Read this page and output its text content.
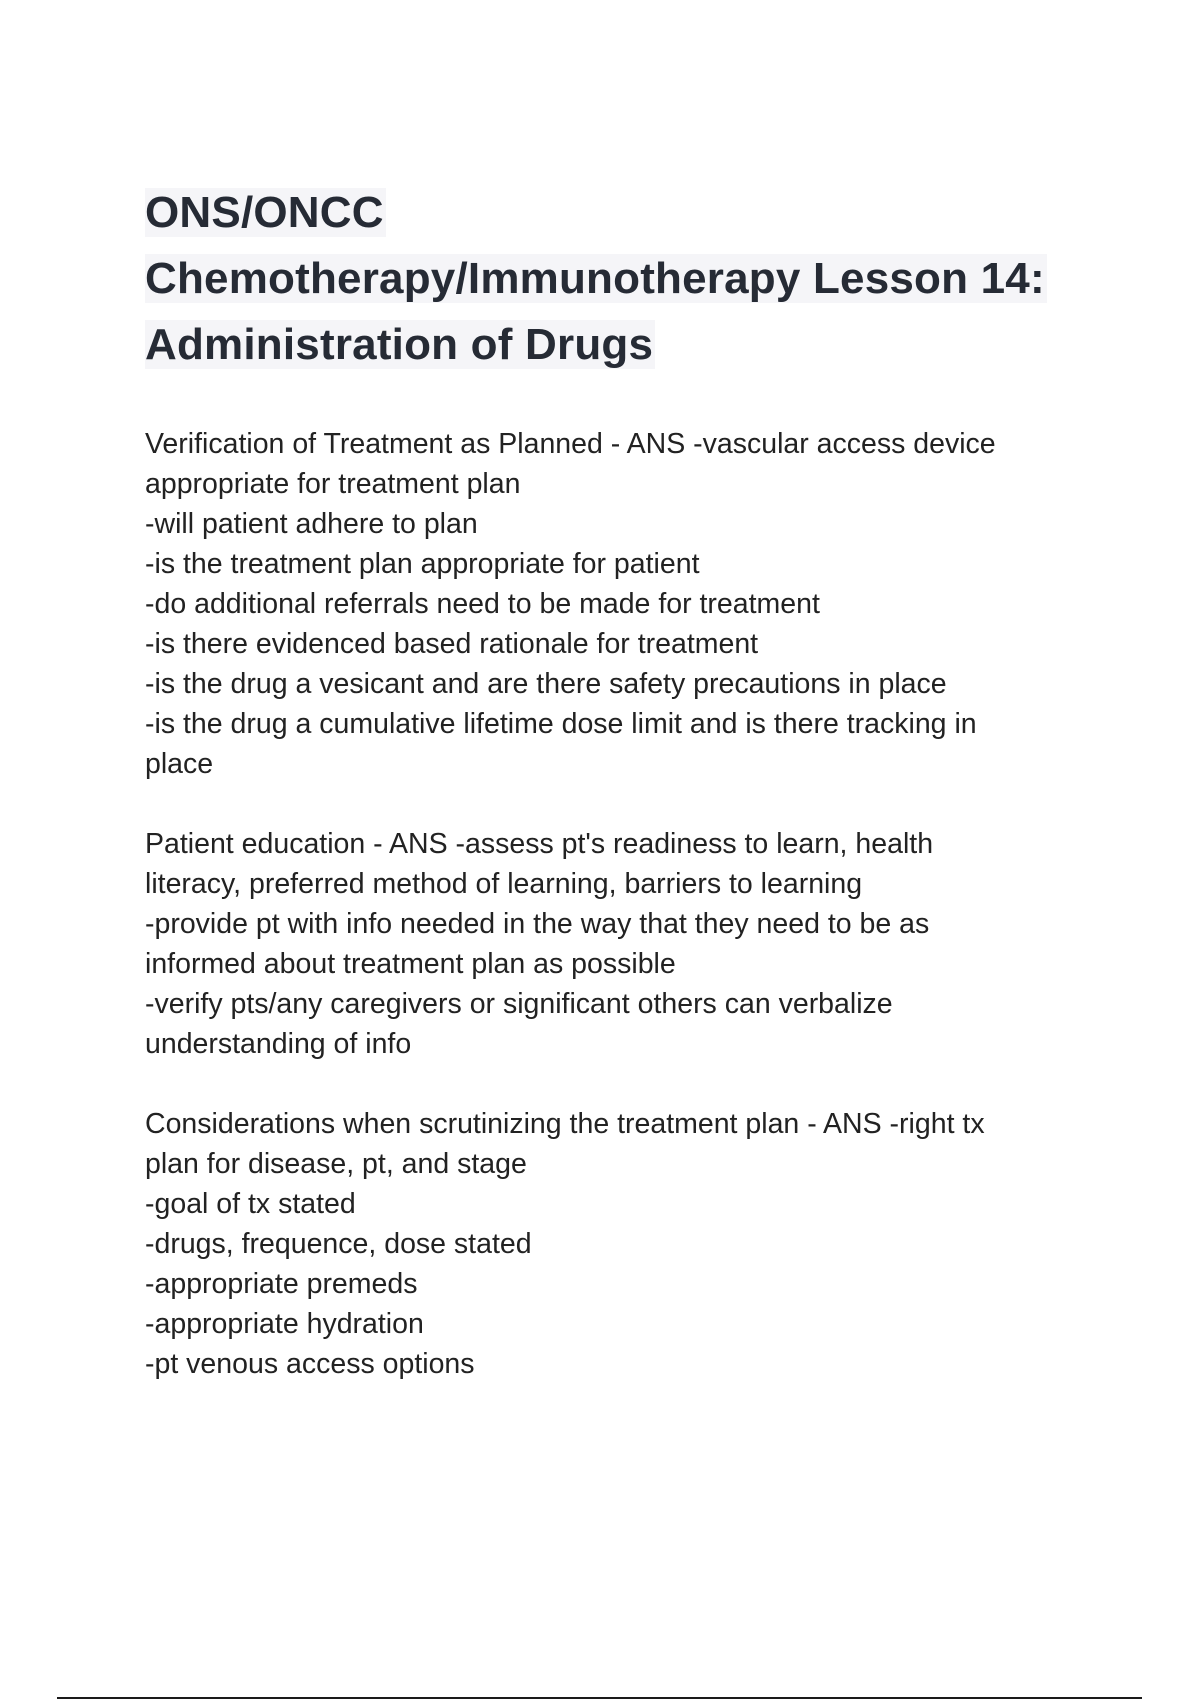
ONS/ONCC
Chemotherapy/Immunotherapy Lesson 14:
Administration of Drugs
Verification of Treatment as Planned - ANS -vascular access device
appropriate for treatment plan
-will patient adhere to plan
-is the treatment plan appropriate for patient
-do additional referrals need to be made for treatment
-is there evidenced based rationale for treatment
-is the drug a vesicant and are there safety precautions in place
-is the drug a cumulative lifetime dose limit and is there tracking in
place
Patient education - ANS -assess pt's readiness to learn, health
literacy, preferred method of learning, barriers to learning
-provide pt with info needed in the way that they need to be as
informed about treatment plan as possible
-verify pts/any caregivers or significant others can verbalize
understanding of info
Considerations when scrutinizing the treatment plan - ANS -right tx
plan for disease, pt, and stage
-goal of tx stated
-drugs, frequence, dose stated
-appropriate premeds
-appropriate hydration
-pt venous access options
